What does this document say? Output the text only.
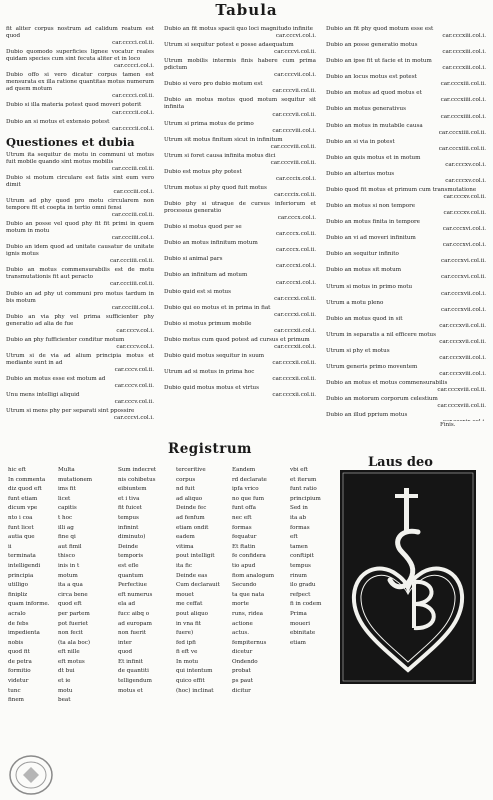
Tabula

fit aliter corpus nostrum ad calidum reatum est quod
car.cccci.col.ii.

Dubio quomodo superficies lignee vocatur reales quidam species cum sint fecuta aliter et in loco
car.cccci.col.i.

Dubio offo si vero dicatur corpus tamen est mensurata ex illa ratione quantitas motus numerum ad quem motum
car.cccci.col.ii.

Dubio si illa materia potest quod moveri poterit
car.ccccii.col.i.

Dubio an si motus et extensio potest
car.ccccii.col.i.

Questiones et dubia

Utrum ita sequitur de motu in communi ut motus fuit mobile quando sint motus mobilis
car.ccciii.col.ii.

Dubio si motum circulare est fatis sint eum vero dimit
car.ccciii.col.i.

Utrum ad phy quod pro motu circularem non tempore fit et coepta in tertio omni fensi
car.ccciii.col.ii.

Dubio an posse vel quod phy fit fit primi in quem motum in motu
car.ccciiii.col.i.

Dubio an idem quod ad unitate causatur de unitate ignis motus
car.ccciiii.col.ii.

Dubio an motus commensurabilis est de motu transmutationis fit aut peracto
car.ccciiii.col.ii.

Dubio an ad phy ut communi pro motus tardum in bis motum
car.ccciiii.col.i.

Dubio an via phy vel prima sufficienter phy generatio ad alia de fue
car.cccv.col.i.

Dubio an phy fufficienter conditur motum
car.cccv.col.i.

Utrum si de via ad alium principia motus et mediante sunt in ad
car.cccv.col.ii.

Dubio an motus esse est motum ad
car.cccv.col.ii.

Unu mens intelligi aliquid
car.cccv.col.ii.

Utrum si mens phy per separati sint ppossire
car.cccvi.col.i.

Dubio an fit motus spacii quo loci magnitudo infinite
car.cccvi.col.i.

Utrum si sequitur potest e posse adaequatum
car.cccvi.col.ii.

Utrum mobilis intermis finis habere cum prima pdictum
car.cccvii.col.i.

Dubio si vero pro dubio motum est
car.cccvii.col.ii.

Dubio an motus motus quod motum sequitur sit infinita
car.cccvii.col.ii.

Utrum si prima motus de primo
car.cccviii.col.i.

Utrum sit motus finitum sicut in infinitum
car.cccviii.col.ii.

Utrum si foret causa infinita motus dici
car.cccviii.col.ii.

Dubio est motus phy potest
car.cccix.col.i.

Utrum motus si phy quod fuit motus
car.cccix.col.ii.

Dubio phy si utraque de cursus inferiorum et processus generatio
car.cccx.col.i.

Dubio si motus quod per se
car.cccx.col.ii.

Dubio an motus infinitum motum
car.cccx.col.ii.

Dubio si animal pars
car.cccxi.col.i.

Dubio an infinitum ad motum
car.cccxi.col.i.

Dubio quid est si motus
car.cccxi.col.ii.

Dubio qui eo motus et in prima in fiat
car.cccxi.col.ii.

Dubio si motus primum mobile
car.cccxii.col.i.

Dubio motus cum quod potest ad cursus et primum
car.cccxii.col.i.

Dubio quid motus sequitur in suum
car.cccxii.col.ii.

Utrum ad si motus in prima hoc
car.cccxii.col.ii.

Dubio quid motus motus et virtus
car.cccxii.col.ii.

Dubio an fit phy quod motum esse est
car.cccxiii.col.i.

Dubio an posse generatio motus
car.cccxiii.col.i.

Dubio an ipse fit ut facie et in motum
car.cccxiii.col.i.

Dubio an locus motus est potest
car.cccxiii.col.ii.

Dubio an motus ad quod motus et
car.cccxiiii.col.i.

Dubio an motus generativus
car.cccxiiii.col.i.

Dubio an motus in mutabile causa
car.cccxiiii.col.ii.

Dubio an si via in potest
car.cccxiiii.col.ii.

Dubio an quis motus et in motum
car.cccxv.col.i.

Dubio an alterius motus
car.cccxv.col.i.

Dubio quod fit motus et primum cum transmutatione
car.cccxv.col.ii.

Dubio an motus si non tempore
car.cccxv.col.ii.

Dubio an motus finita in tempore
car.cccxvi.col.i.

Dubio an vi ad moveri infinitum
car.cccxvi.col.i.

Dubio an sequitur infinito
car.cccxvi.col.ii.

Dubio an motus sit motum
car.cccxvi.col.ii.

Utrum si motus in primo motu
car.cccxvii.col.i.

Utrum a motu pleno
car.cccxvii.col.i.

Dubio an motus quod in sit
car.cccxvii.col.ii.

Utrum in separatis a nil efficere motus
car.cccxvii.col.ii.

Utrum si phy et motus
car.cccxviii.col.i.

Utrum generis primo moventem
car.cccxviii.col.i.

Dubio an motus et motus commensurabilis
car.cccxviii.col.ii.

Dubio an motorum corporum celestium
car.cccxviii.col.ii.

Dubio an illud pprium motus

Finis.
Registrum
Laus deo
hic eft
In commenta
diz quod eft
funt etiam
dicum vpe
nto i coa
funt licet
autia que
ii
terminata
intelligendi
principia
utilligo
finipliz
quam informe.
acralo
de febs
impedienta
nobis
quod fit
de petra
formitio
videtur
tunc
finem
Multa
mutationem
ims fit
licet
capitis
t hoc
illi ag
fine qi
aut fimil
thisco
inis in t
motum
ita a qua
circa bene
quod eft
per partem
pot fueriet
non fecit
(ta ala boc)
eft nille
eft motus
dt bui
et ie
motu
beat
Sum indecret
nis cohibetus
eibiuntem
et i tiva
fit fuicet
tempus
infinint
diminuto)
Deinde
temporis
est efle
quantum
Perfectiue
eft numerus
ela ad
fucc aibq o
ad europam
non fuerit
inter
quod
Et infinit
de quantiti
telligendum
motus et
terceritive
corpus
nd fuit
ad aliquo
Deinde fec
ad fenfum
etiam ondit
eadem
vitima
pout intelligit
ita fic
Deinde eas
Cum declarauit
mouet
me ceffat
pout aliquo
in vna fit
fuere)
fed ipfi
fi eft ve
In motu
qui intentum
quico effit
(hoc) inclinat
Eandem
rd declarate
ipfa vrico
no que fum
funt offa
nec eft
formas
fequatur
Et ftatin
fe confidera
tio apud
fiom analogum
Secundo
ta que nata
morte
runs, ridea
actione
actus.
fempiternus
dicetur
Ondendo
probat
ps paut
dicitur
vbi eft
et iterum
funt ratio
principium
Sed in
ita ab
formas
eft
tamen
conftipit
tempus
rinum
ilo gradu
refpect
fi in codem
Prima
moueri
ebinitate
etiam
